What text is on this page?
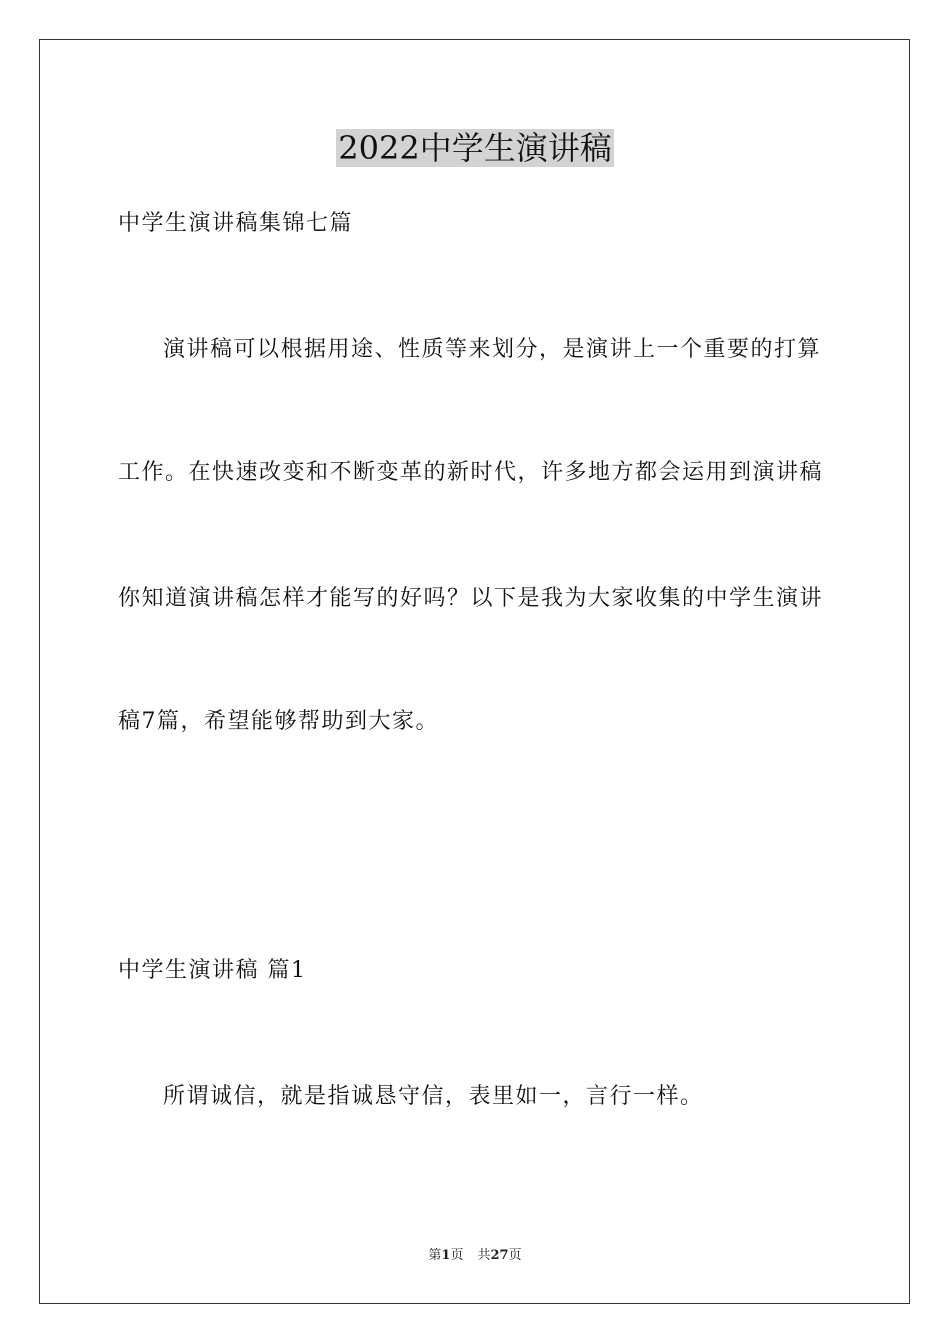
2022中学生演讲稿
中学生演讲稿集锦七篇
演讲稿可以根据用途、性质等来划分，是演讲上一个重要的打算
工作。在快速改变和不断变革的新时代，许多地方都会运用到演讲稿
你知道演讲稿怎样才能写的好吗？以下是我为大家收集的中学生演讲
稿7篇，希望能够帮助到大家。
中学生演讲稿 篇1
所谓诚信，就是指诚恳守信，表里如一，言行一样。
第1页 共27页
